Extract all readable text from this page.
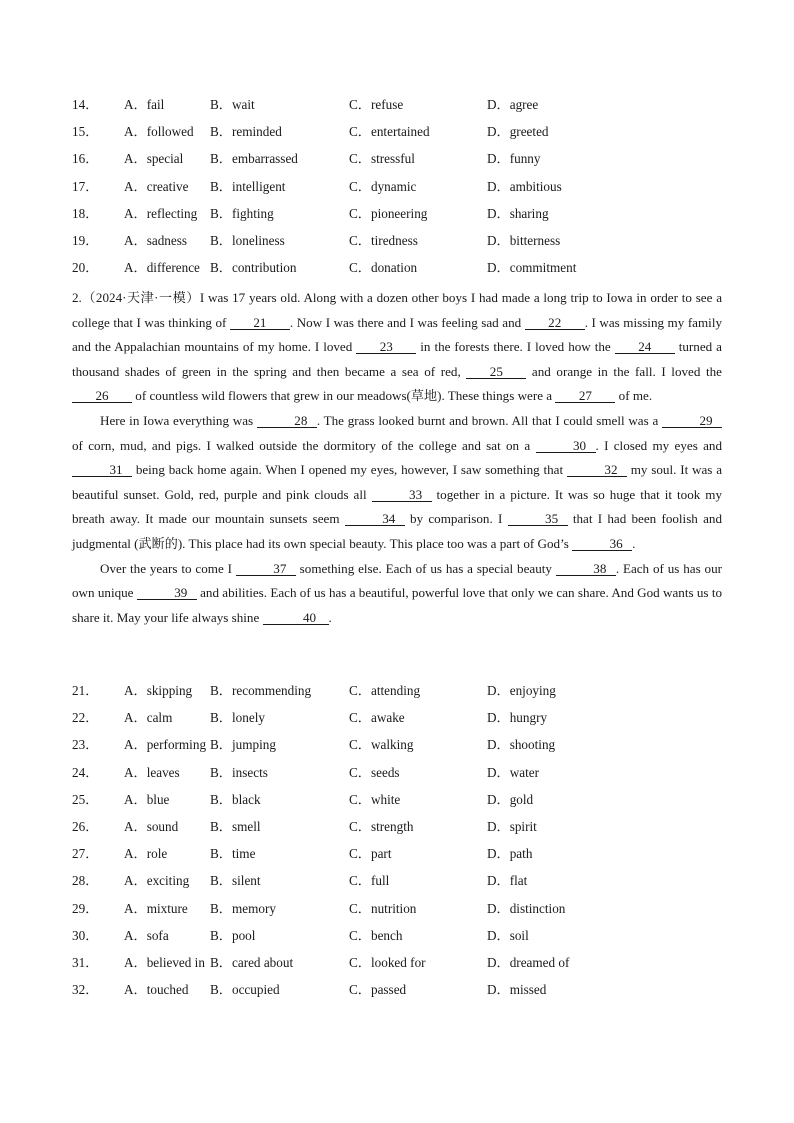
14． A．fail	B．wait	C．refuse	D．agree
15． A．followed B．reminded	C．entertained	D．greeted
16． A．special B．embarrassed	C．stressful	D．funny
17． A．creative B．intelligent	C．dynamic	D．ambitious
18． A．reflecting B．fighting	C．pioneering	D．sharing
19． A．sadness B．loneliness	C．tiredness	D．bitterness
20． A．difference B．contribution	C．donation	D．commitment

2.（2024·天津·一模）I was 17 years old. Along with a dozen other boys I had made a long trip to Iowa in order to see a college that I was thinking of 21 . Now I was there and I was feeling sad and 22 . I was missing my family and the Appalachian mountains of my home. I loved 23 in the forests there. I loved how the 24 turned a thousand shades of green in the spring and then became a sea of red, 25 and orange in the fall. I loved the 26 of countless wild flowers that grew in our meadows(草地). These things were a 27 of me.

Here in Iowa everything was	28 . The grass looked burnt and brown. All that I could smell was a	29 of corn, mud, and pigs. I walked outside the dormitory of the college and sat on a	30 . I closed my eyes and 31 being back home again. When I opened my eyes, however, I saw something that	32 my soul. It was a beautiful sunset. Gold, red, purple and pink clouds all	33 together in a picture. It was so huge that it took my breath away. It made our mountain sunsets seem	34 by comparison. I	35 that I had been foolish and judgmental (武断的). This place had its own special beauty. This place too was a part of God’s	36 .

Over the years to come I	37 something else. Each of us has a special beauty	38 . Each of us has our own unique	39 and abilities. Each of us has a beautiful, powerful love that only we can share. And God wants us to share it. May your life always shine	40 .

21． A．skipping B．recommending	C．attending	D．enjoying
22． A．calm	B．lonely	C．awake	D．hungry
23． A．performing B．jumping	C．walking	D．shooting
24． A．leaves B．insects	C．seeds	D．water
25． A．blue	B．black	C．white	D．gold
26． A．sound B．smell	C．strength	D．spirit
27． A．role	B．time	C．part	D．path
28． A．exciting B．silent	C．full	D．flat
29． A．mixture B．memory	C．nutrition	D．distinction
30． A．sofa	B．pool	C．bench	D．soil
31． A．believed in B．cared about	C．looked for	D．dreamed of
32． A．touched B．occupied	C．passed	D．missed
